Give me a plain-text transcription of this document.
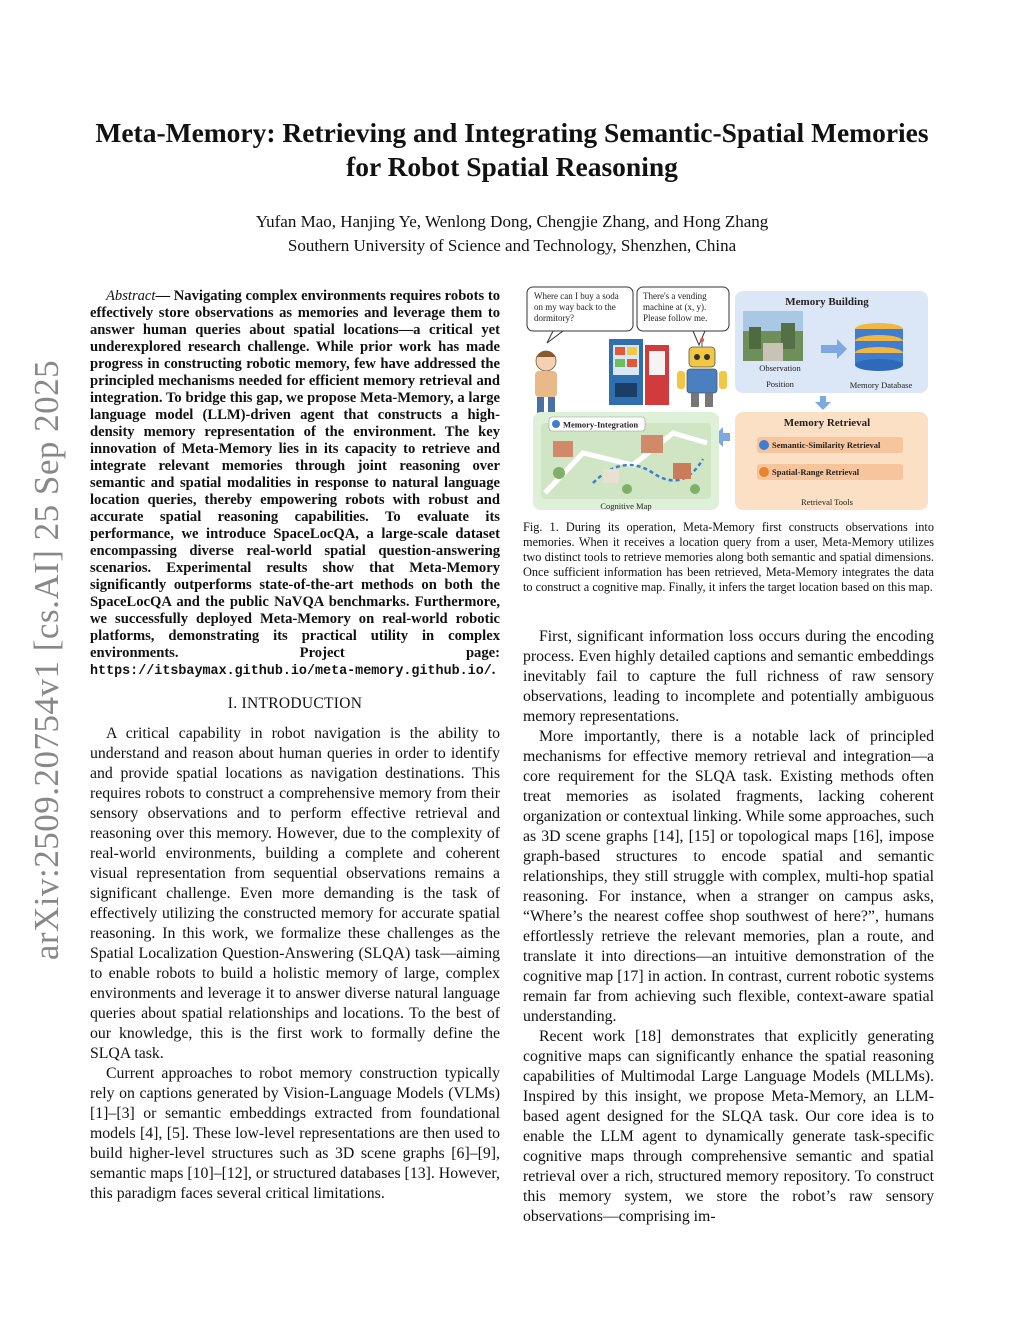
arXiv:2509.20754v1 [cs.AI] 25 Sep 2025
Meta-Memory: Retrieving and Integrating Semantic-Spatial Memories
for Robot Spatial Reasoning
Yufan Mao, Hanjing Ye, Wenlong Dong, Chengjie Zhang, and Hong Zhang
Southern University of Science and Technology, Shenzhen, China
Abstract— Navigating complex environments requires robots to effectively store observations as memories and leverage them to answer human queries about spatial locations—a critical yet underexplored research challenge. While prior work has made progress in constructing robotic memory, few have addressed the principled mechanisms needed for efficient memory retrieval and integration. To bridge this gap, we propose Meta-Memory, a large language model (LLM)-driven agent that constructs a high-density memory representation of the environment. The key innovation of Meta-Memory lies in its capacity to retrieve and integrate relevant memories through joint reasoning over semantic and spatial modalities in response to natural language location queries, thereby empowering robots with robust and accurate spatial reasoning capabilities. To evaluate its performance, we introduce SpaceLocQA, a large-scale dataset encompassing diverse real-world spatial question-answering scenarios. Experimental results show that Meta-Memory significantly outperforms state-of-the-art methods on both the SpaceLocQA and the public NaVQA benchmarks. Furthermore, we successfully deployed Meta-Memory on real-world robotic platforms, demonstrating its practical utility in complex environments. Project page: https://itsbaymax.github.io/meta-memory.github.io/.
I. INTRODUCTION

A critical capability in robot navigation is the ability to understand and reason about human queries in order to identify and provide spatial locations as navigation destinations. This requires robots to construct a comprehensive memory from their sensory observations and to perform effective retrieval and reasoning over this memory. However, due to the complexity of real-world environments, building a complete and coherent visual representation from sequential observations remains a significant challenge. Even more demanding is the task of effectively utilizing the constructed memory for accurate spatial reasoning. In this work, we formalize these challenges as the Spatial Localization Question-Answering (SLQA) task—aiming to enable robots to build a holistic memory of large, complex environments and leverage it to answer diverse natural language queries about spatial relationships and locations. To the best of our knowledge, this is the first work to formally define the SLQA task.

Current approaches to robot memory construction typically rely on captions generated by Vision-Language Models (VLMs) [1]–[3] or semantic embeddings extracted from foundational models [4], [5]. These low-level representations are then used to build higher-level structures such as 3D scene graphs [6]–[9], semantic maps [10]–[12], or structured databases [13]. However, this paradigm faces several critical limitations.

Where can I buy a soda on my way back to the dormitory?
There's a vending machine at (x, y). Please follow me.
Memory Building
Observation
Position	Memory Database
Memory Retrieval
Semantic-Similarity Retrieval
Spatial-Range Retrieval
Retrieval Tools
Memory-Integration
Cognitive Map
Fig. 1. During its operation, Meta-Memory first constructs observations into memories. When it receives a location query from a user, Meta-Memory utilizes two distinct tools to retrieve memories along both semantic and spatial dimensions. Once sufficient information has been retrieved, Meta-Memory integrates the data to construct a cognitive map. Finally, it infers the target location based on this map.

First, significant information loss occurs during the encoding process. Even highly detailed captions and semantic embeddings inevitably fail to capture the full richness of raw sensory observations, leading to incomplete and potentially ambiguous memory representations.

More importantly, there is a notable lack of principled mechanisms for effective memory retrieval and integration—a core requirement for the SLQA task. Existing methods often treat memories as isolated fragments, lacking coherent organization or contextual linking. While some approaches, such as 3D scene graphs [14], [15] or topological maps [16], impose graph-based structures to encode spatial and semantic relationships, they still struggle with complex, multi-hop spatial reasoning. For instance, when a stranger on campus asks, “Where’s the nearest coffee shop southwest of here?”, humans effortlessly retrieve the relevant memories, plan a route, and translate it into directions—an intuitive demonstration of the cognitive map [17] in action. In contrast, current robotic systems remain far from achieving such flexible, context-aware spatial understanding.

Recent work [18] demonstrates that explicitly generating cognitive maps can significantly enhance the spatial reasoning capabilities of Multimodal Large Language Models (MLLMs). Inspired by this insight, we propose Meta-Memory, an LLM-based agent designed for the SLQA task. Our core idea is to enable the LLM agent to dynamically generate task-specific cognitive maps through comprehensive semantic and spatial retrieval over a rich, structured memory repository. To construct this memory system, we store the robot’s raw sensory observations—comprising im-
